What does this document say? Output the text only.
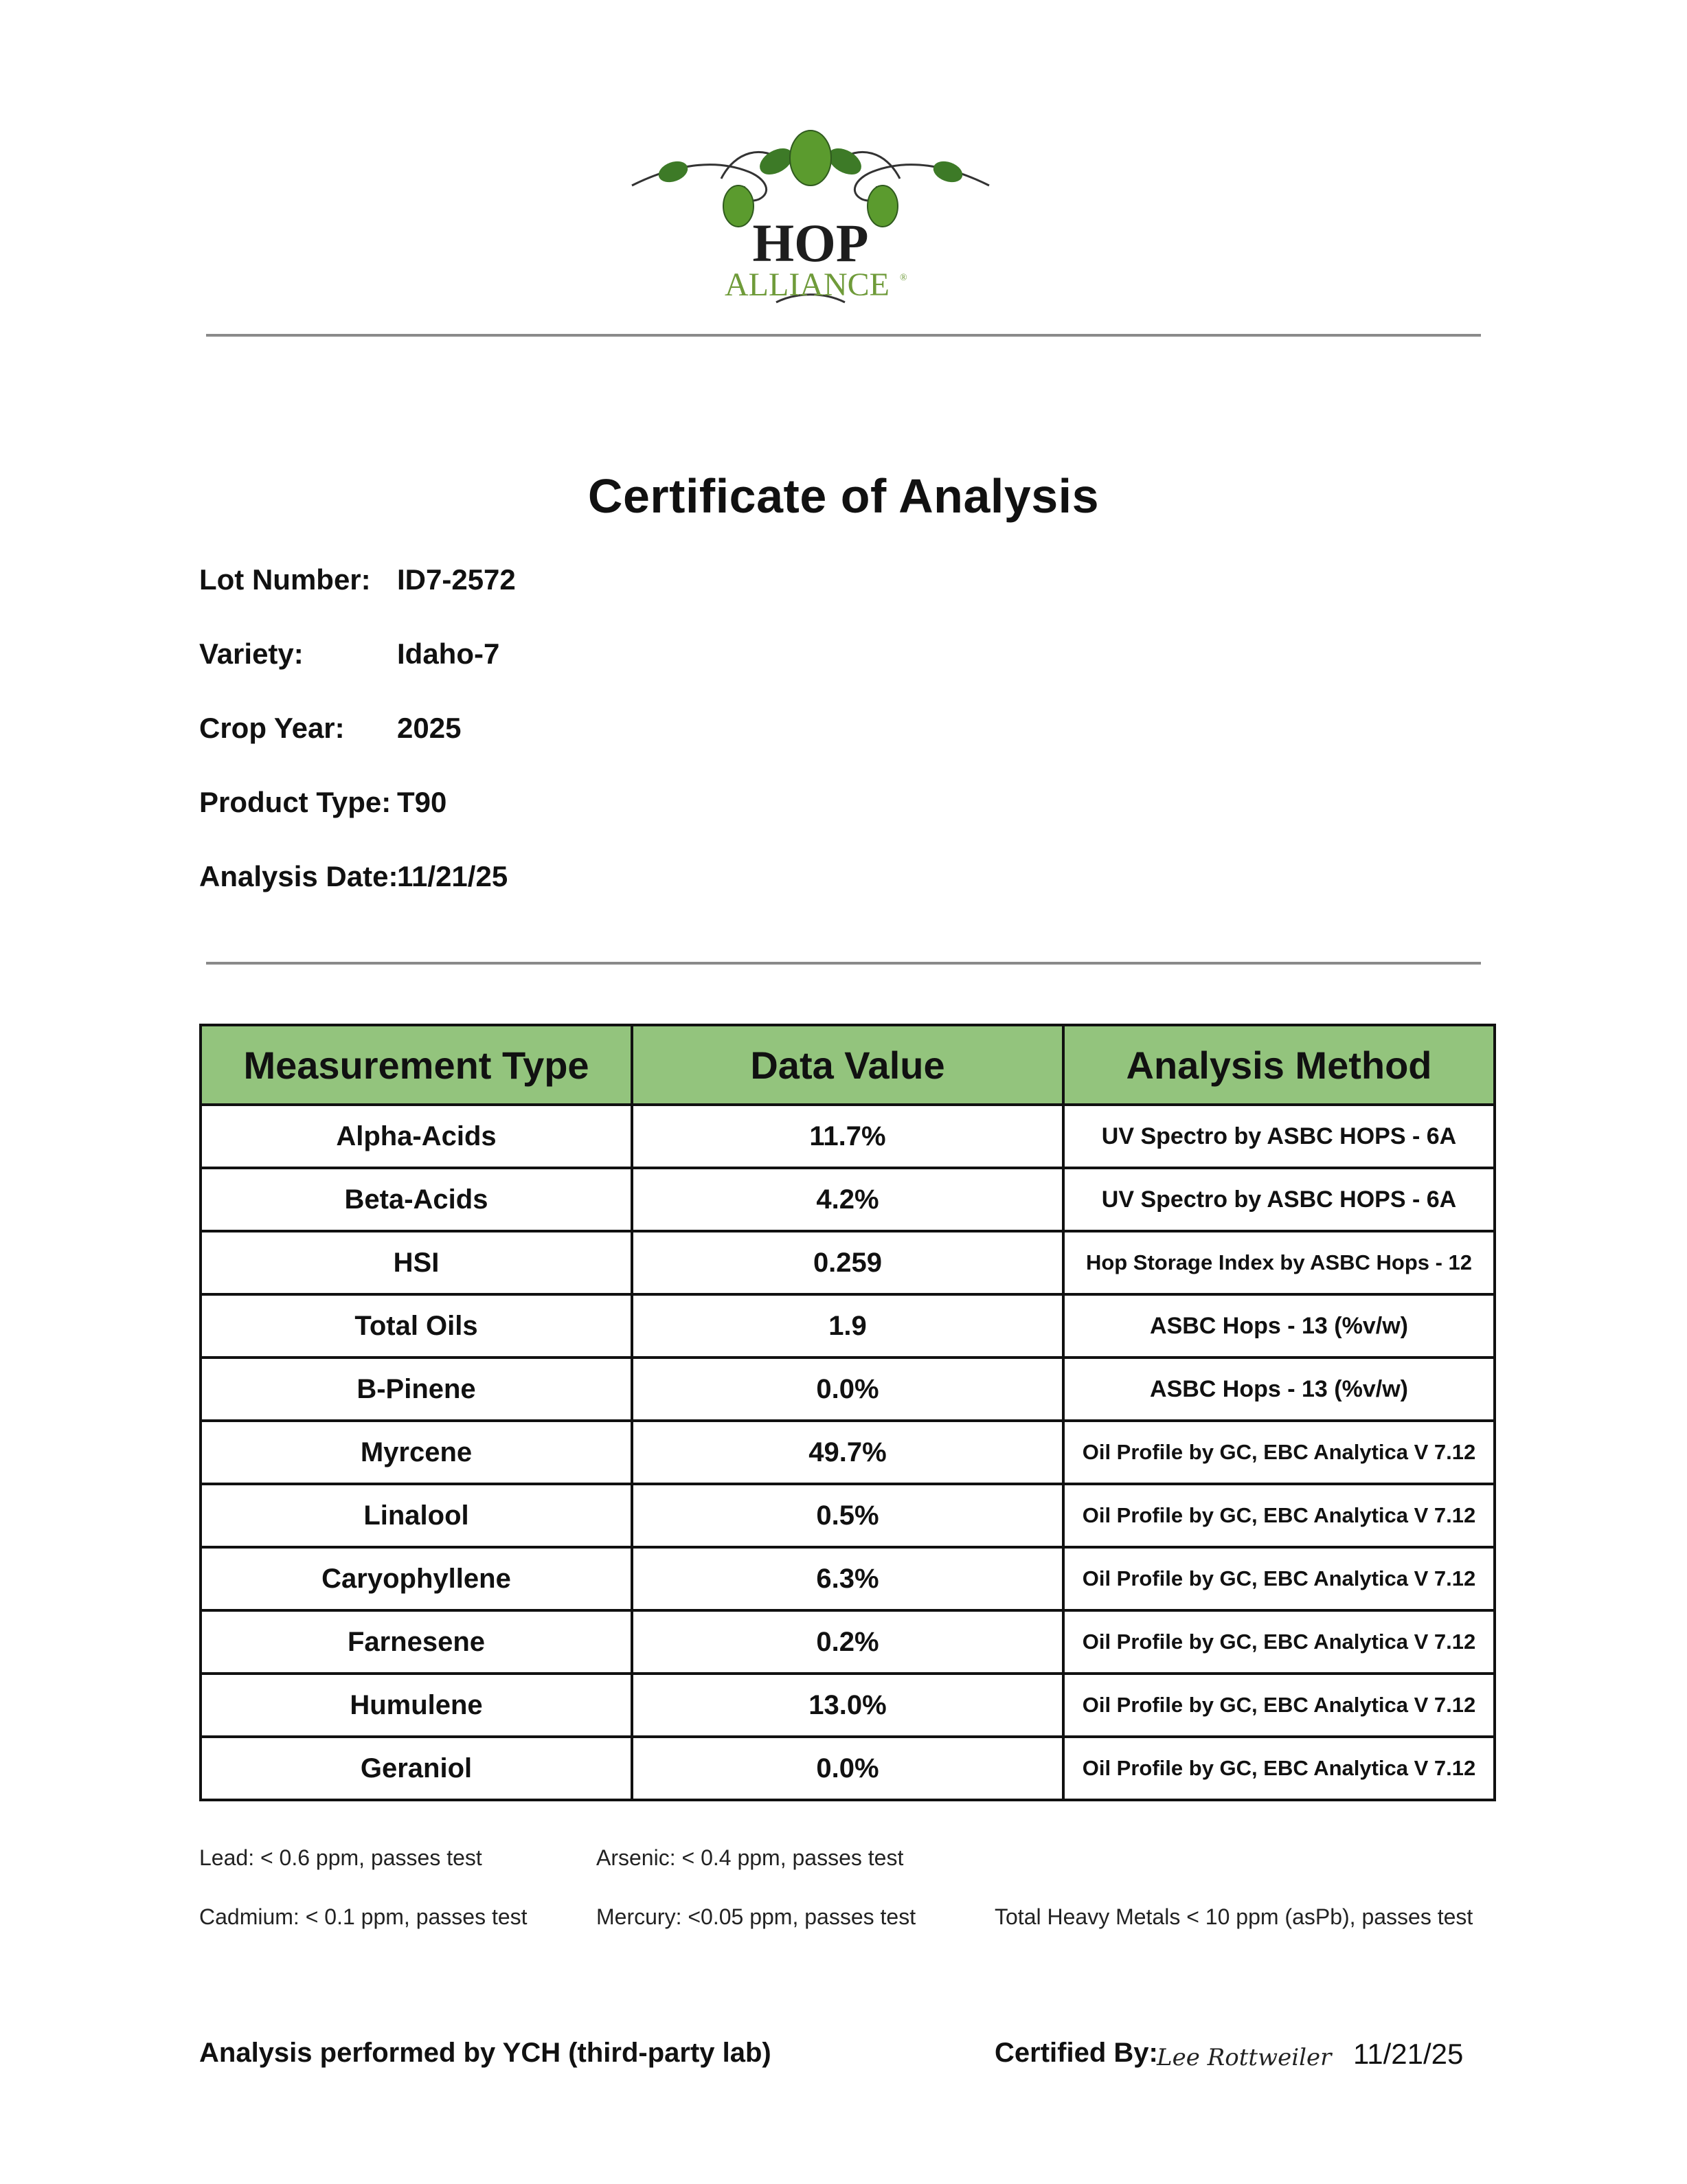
HOP
ALLIANCE ®
Certificate of Analysis
Lot Number: ID7-2572
Variety:	Idaho-7
Crop Year: 2025
Product Type: T90
Analysis Date:
11/21/25
Measurement Type	Data Value	Analysis Method
Alpha-Acids	11.7%	UV Spectro by ASBC HOPS - 6A
Beta-Acids	4.2%	UV Spectro by ASBC HOPS - 6A
HSI	0.259	Hop Storage Index by ASBC Hops - 12
Total Oils	1.9	ASBC Hops - 13 (%v/w)
B-Pinene	0.0%	ASBC Hops - 13 (%v/w)
Myrcene	49.7%	Oil Profile by GC, EBC Analytica V 7.12
Linalool	0.5%	Oil Profile by GC, EBC Analytica V 7.12
Caryophyllene	6.3%	Oil Profile by GC, EBC Analytica V 7.12
Farnesene	0.2%	Oil Profile by GC, EBC Analytica V 7.12
Humulene	13.0%	Oil Profile by GC, EBC Analytica V 7.12
Geraniol	0.0%	Oil Profile by GC, EBC Analytica V 7.12
Lead: < 0.6 ppm, passes test	Arsenic: < 0.4 ppm, passes test
Cadmium: < 0.1 ppm, passes test	Mercury: <0.05 ppm, passes test	Total Heavy Metals < 10 ppm (asPb), passes test
Analysis performed by YCH (third-party lab)	Certified By:
Lee Rottweiler 11/21/25
